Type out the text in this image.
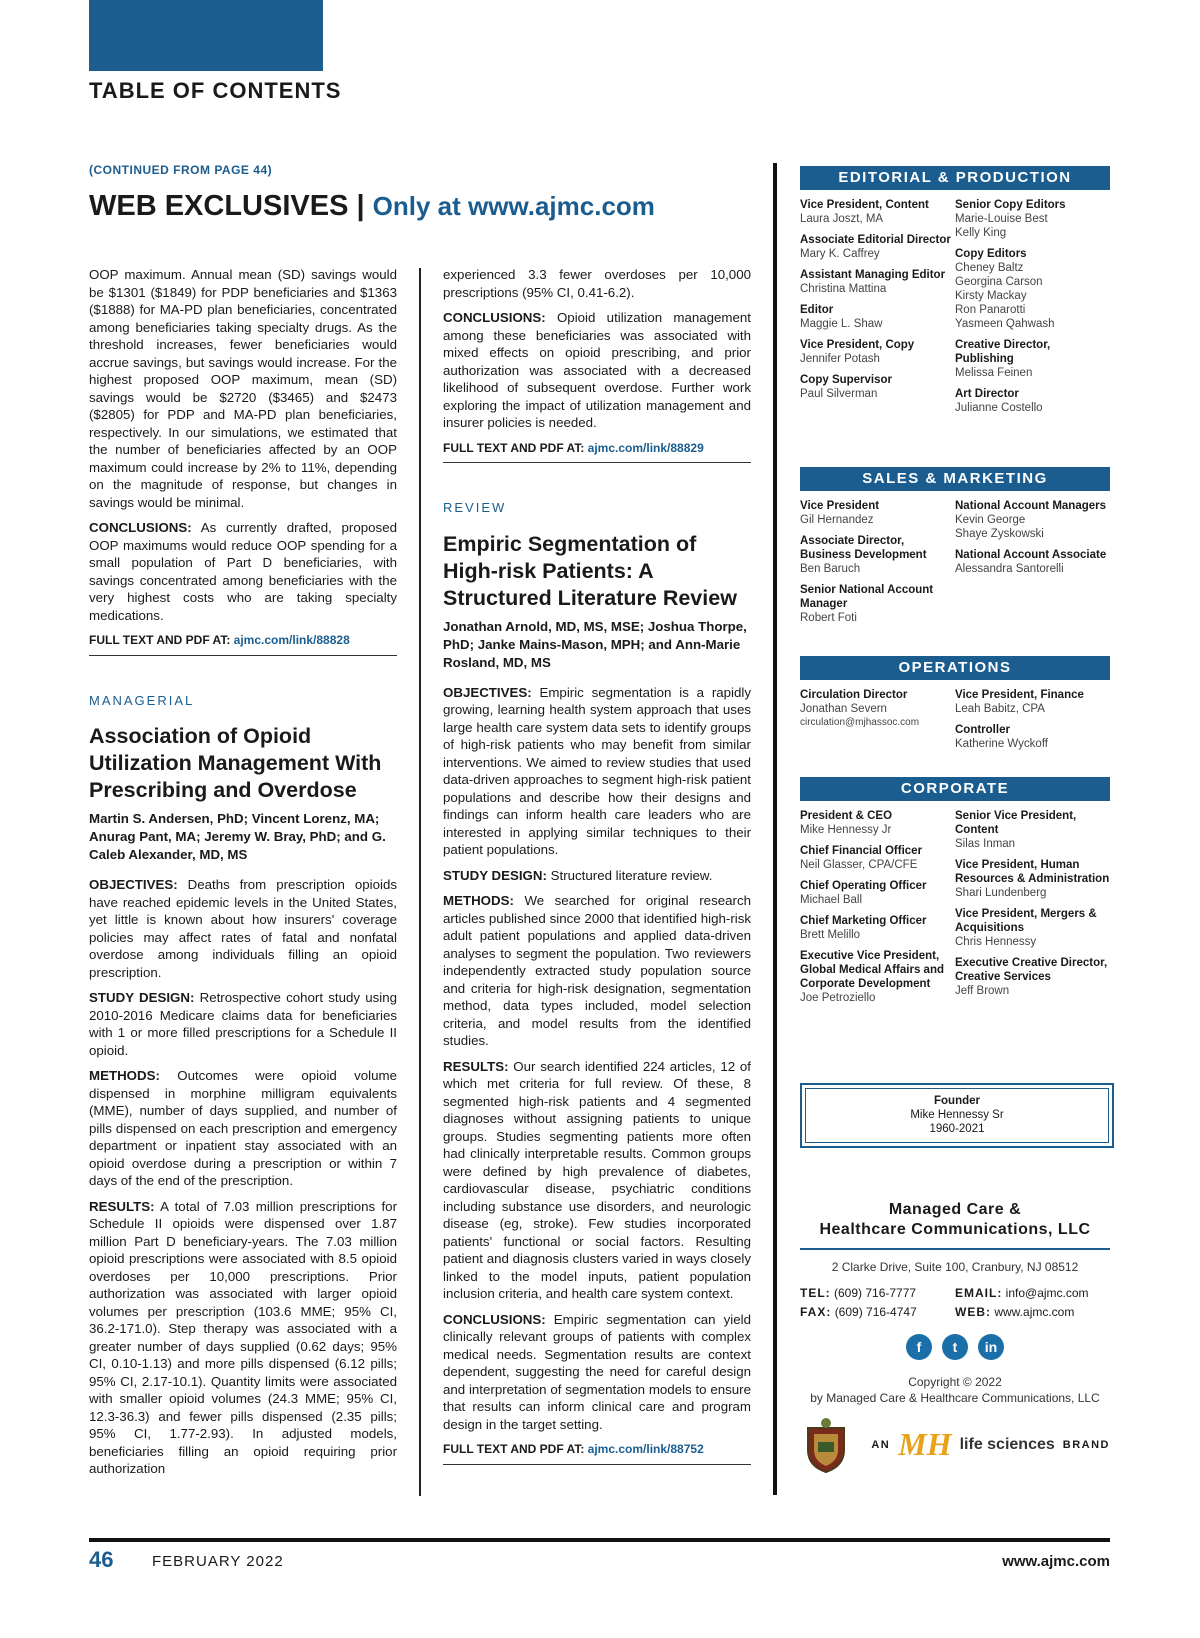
TABLE OF CONTENTS
(CONTINUED FROM PAGE 44)
WEB EXCLUSIVES | Only at www.ajmc.com

OOP maximum. Annual mean (SD) savings would be $1301 ($1849) for PDP beneficiaries and $1363 ($1888) for MA-PD plan beneficiaries, concentrated among beneficiaries taking specialty drugs. As the threshold increases, fewer beneficiaries would accrue savings, but savings would increase. For the highest proposed OOP maximum, mean (SD) savings would be $2720 ($3465) and $2473 ($2805) for PDP and MA-PD plan beneficiaries, respectively. In our simulations, we estimated that the number of beneficiaries affected by an OOP maximum could increase by 2% to 11%, depending on the magnitude of response, but changes in savings would be minimal.

CONCLUSIONS: As currently drafted, proposed OOP maximums would reduce OOP spending for a small population of Part D beneficiaries, with savings concentrated among beneficiaries with the very highest costs who are taking specialty medications.

FULL TEXT AND PDF AT: ajmc.com/link/88828
MANAGERIAL
Association of Opioid Utilization Management With Prescribing and Overdose
Martin S. Andersen, PhD; Vincent Lorenz, MA; Anurag Pant, MA; Jeremy W. Bray, PhD; and G. Caleb Alexander, MD, MS

OBJECTIVES: Deaths from prescription opioids have reached epidemic levels in the United States, yet little is known about how insurers' coverage policies may affect rates of fatal and nonfatal overdose among individuals filling an opioid prescription.

STUDY DESIGN: Retrospective cohort study using 2010-2016 Medicare claims data for beneficiaries with 1 or more filled prescriptions for a Schedule II opioid.

METHODS: Outcomes were opioid volume dispensed in morphine milligram equivalents (MME), number of days supplied, and number of pills dispensed on each prescription and emergency department or inpatient stay associated with an opioid overdose during a prescription or within 7 days of the end of the prescription.

RESULTS: A total of 7.03 million prescriptions for Schedule II opioids were dispensed over 1.87 million Part D beneficiary-years. The 7.03 million opioid prescriptions were associated with 8.5 opioid overdoses per 10,000 prescriptions. Prior authorization was associated with larger opioid volumes per prescription (103.6 MME; 95% CI, 36.2-171.0). Step therapy was associated with a greater number of days supplied (0.62 days; 95% CI, 0.10-1.13) and more pills dispensed (6.12 pills; 95% CI, 2.17-10.1). Quantity limits were associated with smaller opioid volumes (24.3 MME; 95% CI, 12.3-36.3) and fewer pills dispensed (2.35 pills; 95% CI, 1.77-2.93). In adjusted models, beneficiaries filling an opioid requiring prior authorization

experienced 3.3 fewer overdoses per 10,000 prescriptions (95% CI, 0.41-6.2).

CONCLUSIONS: Opioid utilization management among these beneficiaries was associated with mixed effects on opioid prescribing, and prior authorization was associated with a decreased likelihood of subsequent overdose. Further work exploring the impact of utilization management and insurer policies is needed.

FULL TEXT AND PDF AT: ajmc.com/link/88829
REVIEW
Empiric Segmentation of High-risk Patients: A Structured Literature Review
Jonathan Arnold, MD, MS, MSE; Joshua Thorpe, PhD; Janke Mains-Mason, MPH; and Ann-Marie Rosland, MD, MS

OBJECTIVES: Empiric segmentation is a rapidly growing, learning health system approach that uses large health care system data sets to identify groups of high-risk patients who may benefit from similar interventions. We aimed to review studies that used data-driven approaches to segment high-risk patient populations and describe how their designs and findings can inform health care leaders who are interested in applying similar techniques to their patient populations.

STUDY DESIGN: Structured literature review.

METHODS: We searched for original research articles published since 2000 that identified high-risk adult patient populations and applied data-driven analyses to segment the population. Two reviewers independently extracted study population source and criteria for high-risk designation, segmentation method, data types included, model selection criteria, and model results from the identified studies.

RESULTS: Our search identified 224 articles, 12 of which met criteria for full review. Of these, 8 segmented high-risk patients and 4 segmented diagnoses without assigning patients to unique groups. Studies segmenting patients more often had clinically interpretable results. Common groups were defined by high prevalence of diabetes, cardiovascular disease, psychiatric conditions including substance use disorders, and neurologic disease (eg, stroke). Few studies incorporated patients' functional or social factors. Resulting patient and diagnosis clusters varied in ways closely linked to the model inputs, patient population inclusion criteria, and health care system context.

CONCLUSIONS: Empiric segmentation can yield clinically relevant groups of patients with complex medical needs. Segmentation results are context dependent, suggesting the need for careful design and interpretation of segmentation models to ensure that results can inform clinical care and program design in the target setting.

FULL TEXT AND PDF AT: ajmc.com/link/88752
EDITORIAL & PRODUCTION
Vice President, Content
Laura Joszt, MA
Associate Editorial Director
Mary K. Caffrey
Assistant Managing Editor
Christina Mattina
Editor
Maggie L. Shaw
Vice President, Copy
Jennifer Potash
Copy Supervisor
Paul Silverman
Senior Copy Editors
Marie-Louise Best
Kelly King
Copy Editors
Cheney Baltz
Georgina Carson
Kirsty Mackay
Ron Panarotti
Yasmeen Qahwash
Creative Director, Publishing
Melissa Feinen
Art Director
Julianne Costello
SALES & MARKETING
Vice President
Gil Hernandez
Associate Director, Business Development
Ben Baruch
Senior National Account Manager
Robert Foti
National Account Managers
Kevin George
Shaye Zyskowski
National Account Associate
Alessandra Santorelli
OPERATIONS
Circulation Director
Jonathan Severn
circulation@mjhassoc.com
Vice President, Finance
Leah Babitz, CPA
Controller
Katherine Wyckoff
CORPORATE
President & CEO
Mike Hennessy Jr
Chief Financial Officer
Neil Glasser, CPA/CFE
Chief Operating Officer
Michael Ball
Chief Marketing Officer
Brett Melillo
Executive Vice President, Global Medical Affairs and Corporate Development
Joe Petroziello
Senior Vice President, Content
Silas Inman
Vice President, Human Resources & Administration
Shari Lundenberg
Vice President, Mergers & Acquisitions
Chris Hennessy
Executive Creative Director, Creative Services
Jeff Brown
Founder
Mike Hennessy Sr
1960-2021
Managed Care &
Healthcare Communications, LLC
2 Clarke Drive, Suite 100, Cranbury, NJ 08512
TEL: (609) 716-7777
FAX: (609) 716-4747
EMAIL: info@ajmc.com
WEB: www.ajmc.com
f	t	in
Copyright © 2022
by Managed Care & Healthcare Communications, LLC
AN MH life sciences BRAND
46	FEBRUARY 2022	www.ajmc.com
